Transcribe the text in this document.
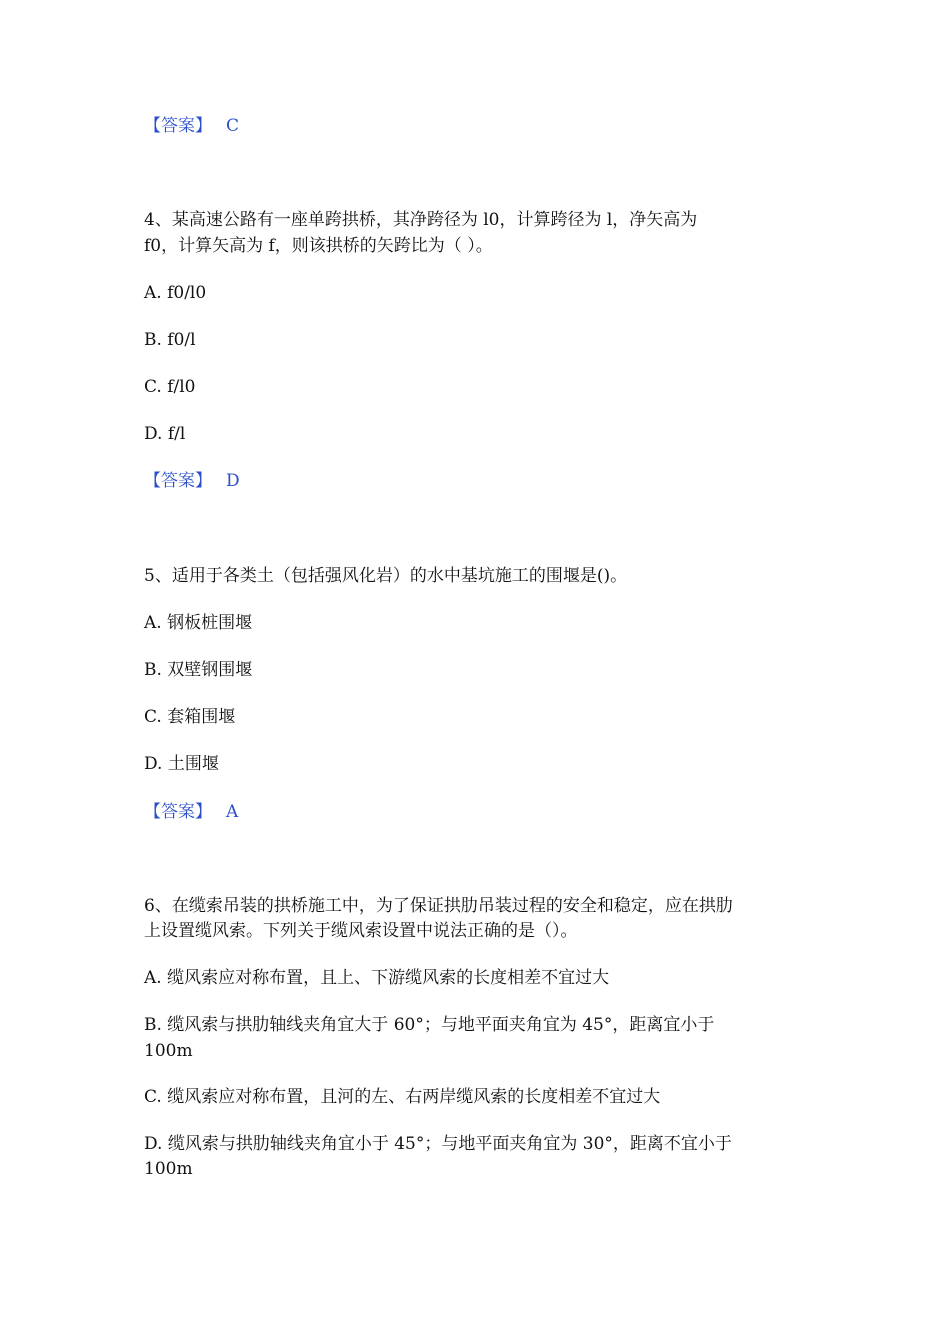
【答案】 C
4、某高速公路有一座单跨拱桥，其净跨径为 l0，计算跨径为 l，净矢高为
f0，计算矢高为 f，则该拱桥的矢跨比为（ ）。
A. f0/l0
B. f0/l
C. f/l0
D. f/l
【答案】 D
5、适用于各类土（包括强风化岩）的水中基坑施工的围堰是()。
A. 钢板桩围堰
B. 双壁钢围堰
C. 套箱围堰
D. 土围堰
【答案】 A
6、在缆索吊装的拱桥施工中，为了保证拱肋吊装过程的安全和稳定，应在拱肋
上设置缆风索。下列关于缆风索设置中说法正确的是（）。
A. 缆风索应对称布置，且上、下游缆风索的长度相差不宜过大
B. 缆风索与拱肋轴线夹角宜大于 60°；与地平面夹角宜为 45°，距离宜小于
100m
C. 缆风索应对称布置，且河的左、右两岸缆风索的长度相差不宜过大
D. 缆风索与拱肋轴线夹角宜小于 45°；与地平面夹角宜为 30°，距离不宜小于
100m
